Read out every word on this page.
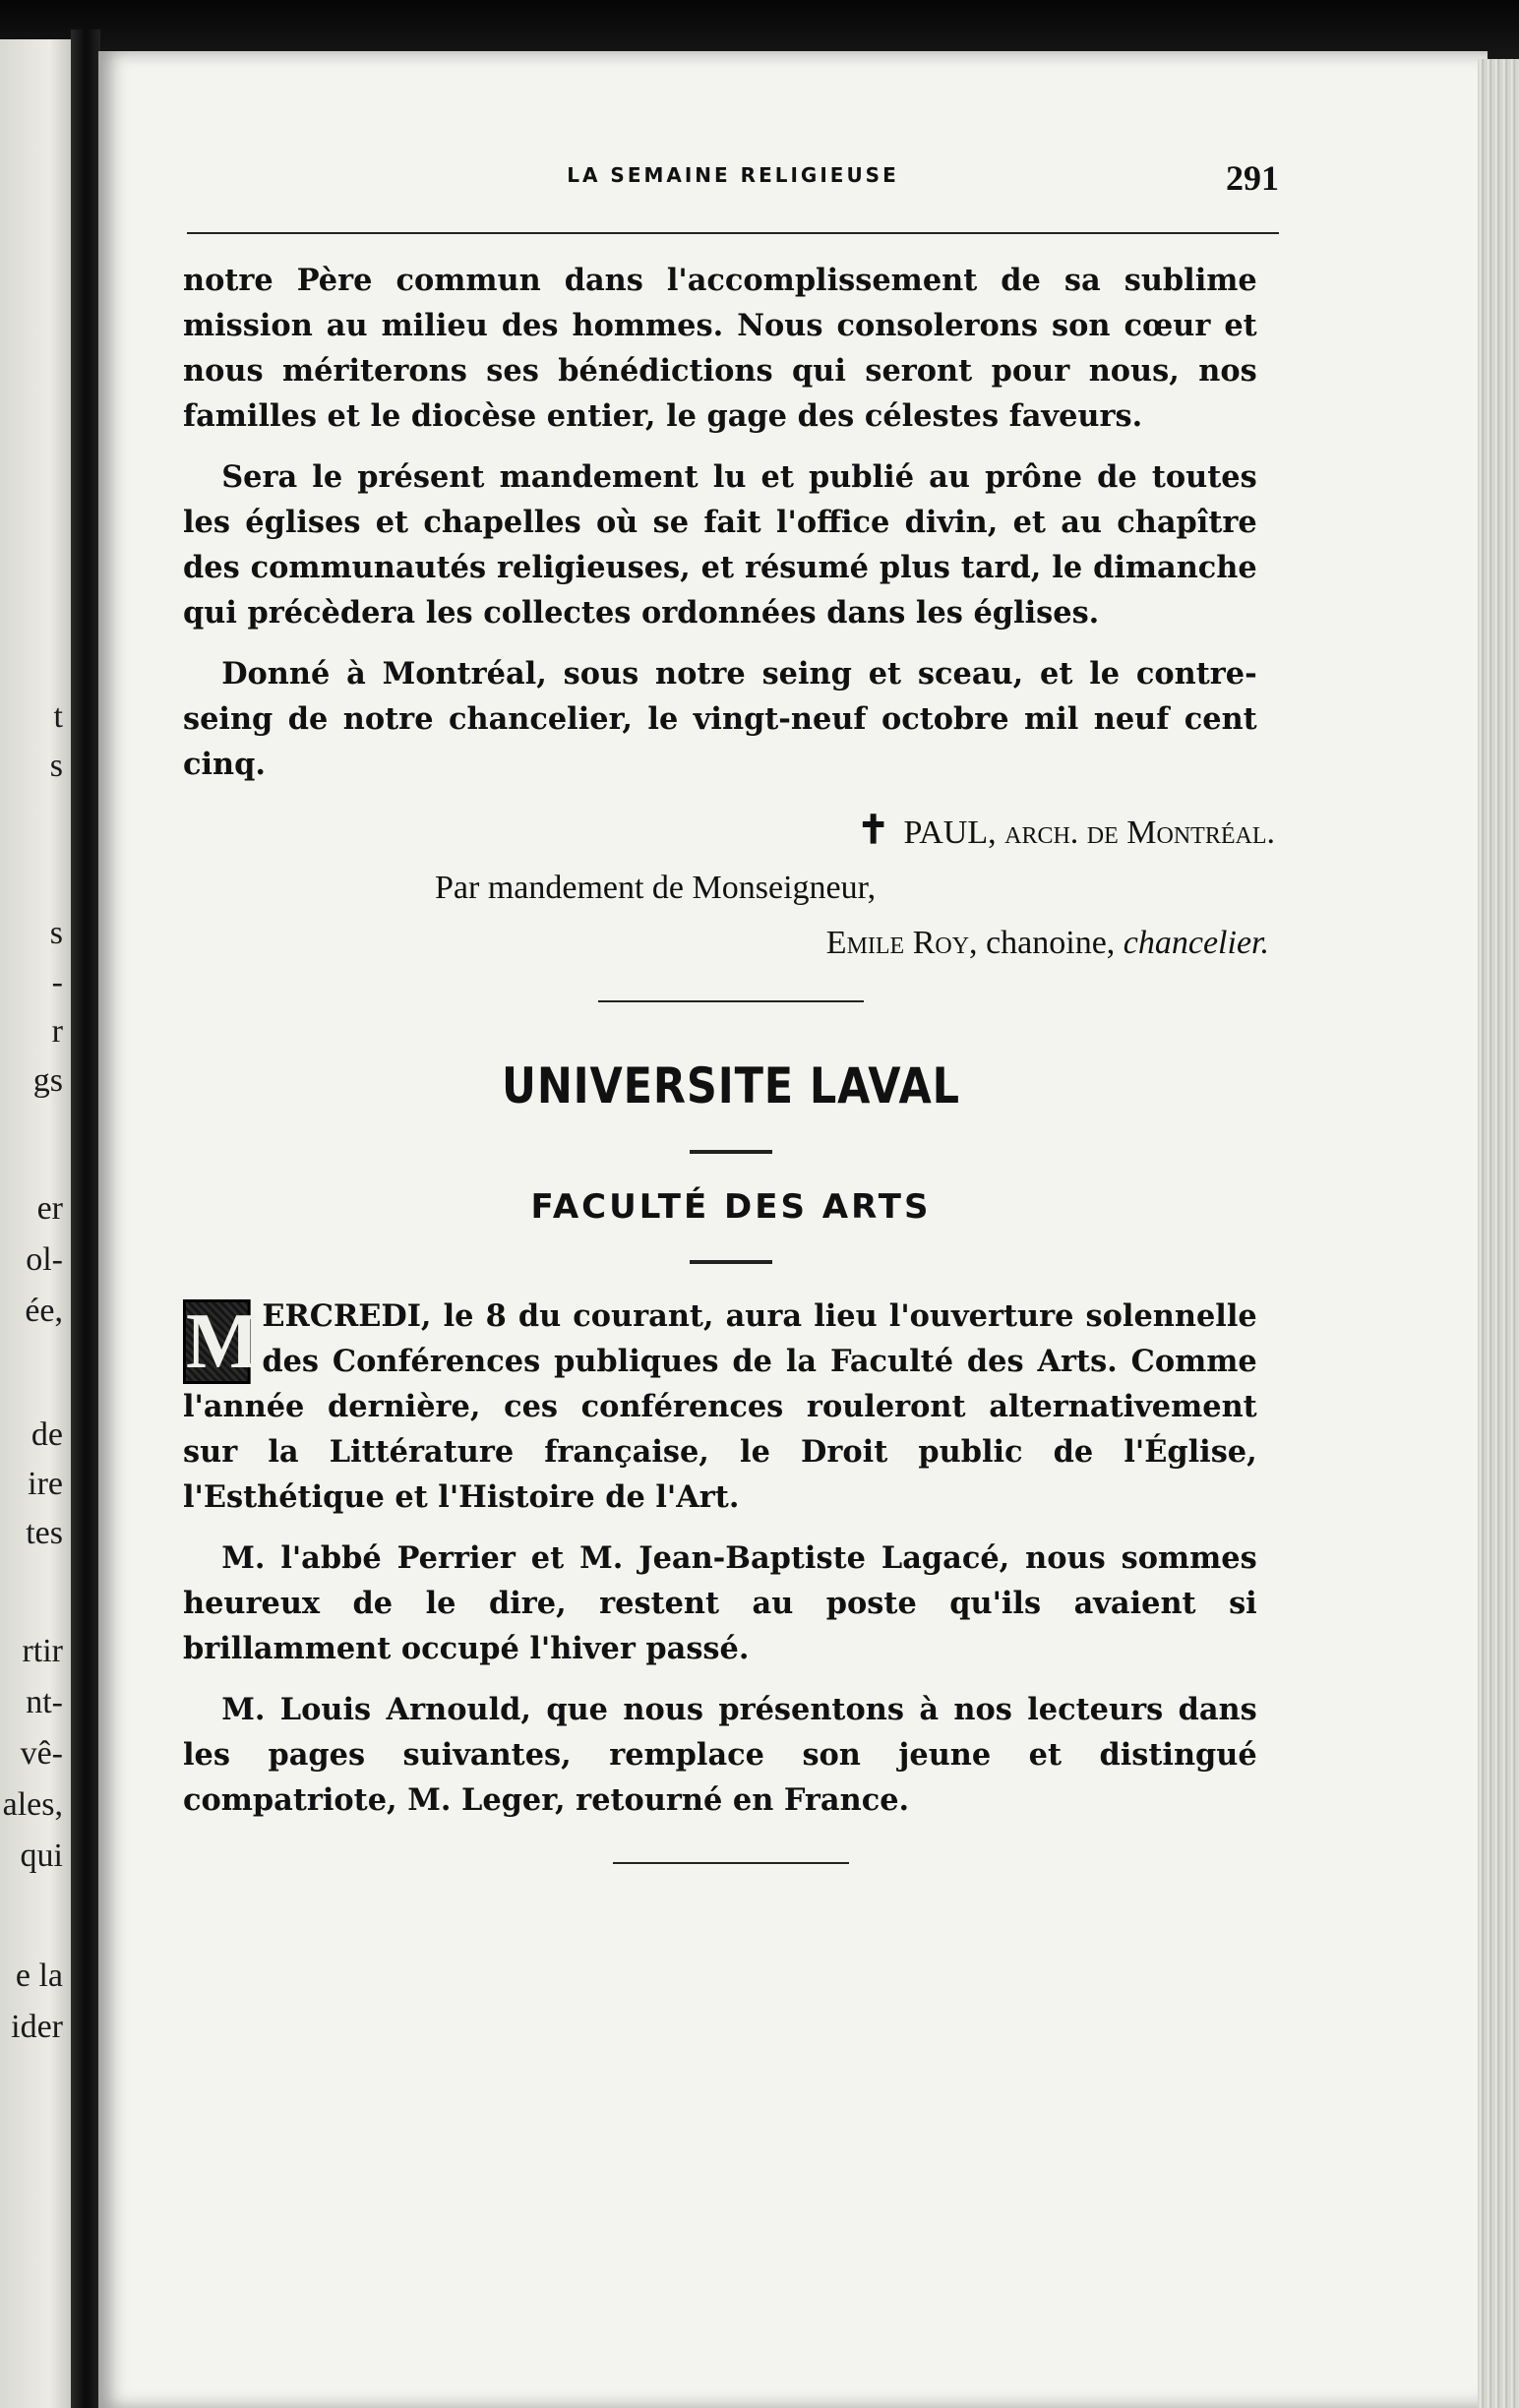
t
s
s
-
r
gs
er
ol-
ée,
de
ire
tes
rtir
nt-
vê-
ales,
qui
e la
ider
LA SEMAINE RELIGIEUSE	291

notre Père commun dans l'accomplissement de sa sublime mission au milieu des hommes. Nous consolerons son cœur et nous mériterons ses bénédictions qui seront pour nous, nos familles et le diocèse entier, le gage des célestes faveurs.

Sera le présent mandement lu et publié au prône de toutes les églises et chapelles où se fait l'office divin, et au chapître des communautés religieuses, et résumé plus tard, le dimanche qui précèdera les collectes ordonnées dans les églises.

Donné à Montréal, sous notre seing et sceau, et le contre-seing de notre chancelier, le vingt-neuf octobre mil neuf cent cinq.

✝ PAUL, arch. de Montréal.

Par mandement de Monseigneur,

Emile Roy, chanoine, chancelier.

UNIVERSITE LAVAL
FACULTÉ DES ARTS

M ERCREDI, le 8 du courant, aura lieu l'ouverture solennelle des Conférences publiques de la Faculté des Arts. Comme l'année dernière, ces conférences rouleront alternativement sur la Littérature française, le Droit public de l'Église, l'Esthétique et l'Histoire de l'Art.

M. l'abbé Perrier et M. Jean-Baptiste Lagacé, nous sommes heureux de le dire, restent au poste qu'ils avaient si brillamment occupé l'hiver passé.

M. Louis Arnould, que nous présentons à nos lecteurs dans les pages suivantes, remplace son jeune et distingué compatriote, M. Leger, retourné en France.
